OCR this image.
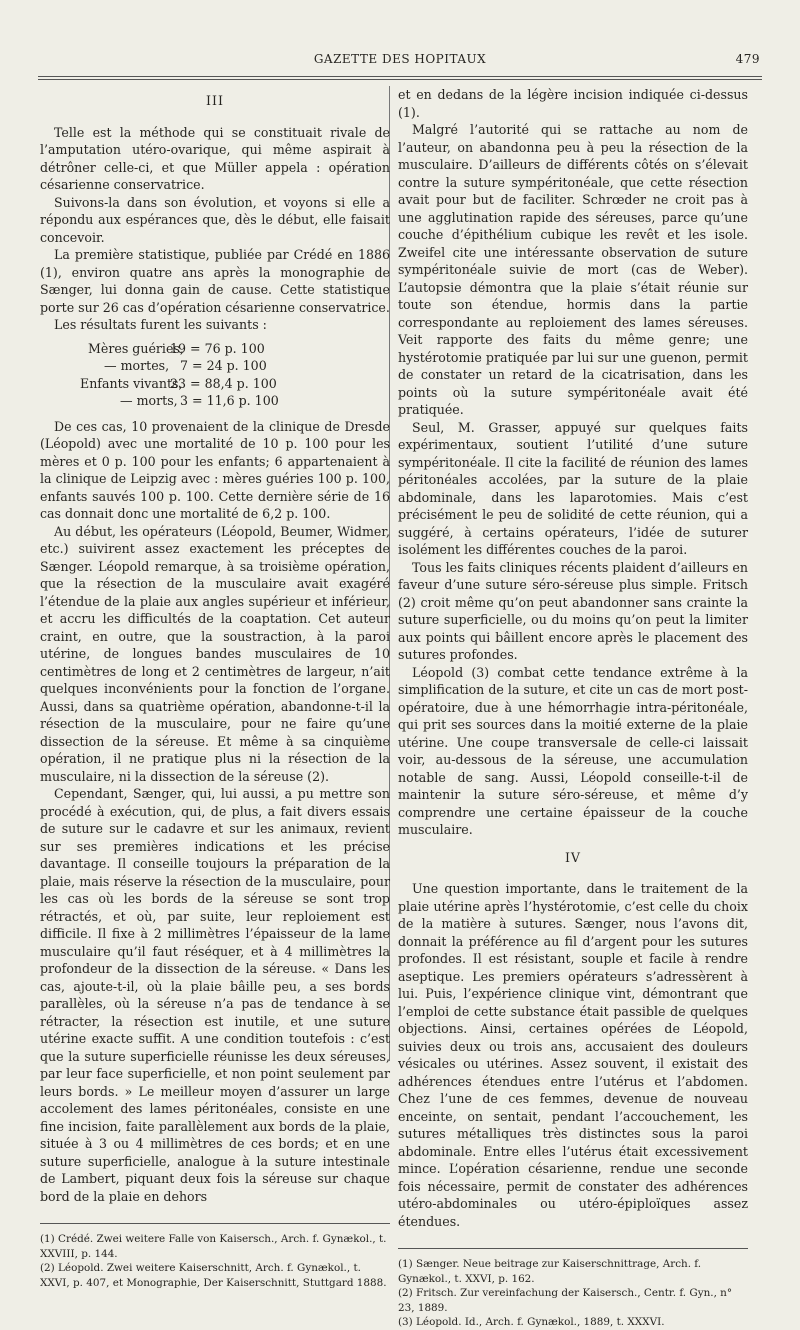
GAZETTE DES HOPITAUX	479

III

Telle est la méthode qui se constituait rivale de l’amputation utéro-ovarique, qui même aspirait à détrôner celle-ci, et que Müller appela : opération césarienne conservatrice.

Suivons-la dans son évolution, et voyons si elle a répondu aux espérances que, dès le début, elle faisait concevoir.

La première statistique, publiée par Crédé en 1886 (1), environ quatre ans après la monographie de Sænger, lui donna gain de cause. Cette statistique porte sur 26 cas d’opération césarienne conservatrice.

Les résultats furent les suivants :

Mères guéries,
19 = 76 p. 100
— mortes, 7 = 24 p. 100
Enfants vivants,
23 = 88,4 p. 100
— morts, 3 = 11,6 p. 100

De ces cas, 10 provenaient de la clinique de Dresde (Léopold) avec une mortalité de 10 p. 100 pour les mères et 0 p. 100 pour les enfants; 6 appartenaient à la clinique de Leipzig avec : mères guéries 100 p. 100, enfants sauvés 100 p. 100. Cette dernière série de 16 cas donnait donc une mortalité de 6,2 p. 100.

Au début, les opérateurs (Léopold, Beumer, Widmer, etc.) suivirent assez exactement les préceptes de Sænger. Léopold remarque, à sa troisième opération, que la résection de la musculaire avait exagéré l’étendue de la plaie aux angles supérieur et inférieur, et accru les difficultés de la coaptation. Cet auteur craint, en outre, que la soustraction, à la paroi utérine, de longues bandes musculaires de 10 centimètres de long et 2 centimètres de largeur, n’ait quelques inconvénients pour la fonction de l’organe. Aussi, dans sa quatrième opération, abandonne-t-il la résection de la musculaire, pour ne faire qu’une dissection de la séreuse. Et même à sa cinquième opération, il ne pratique plus ni la résection de la musculaire, ni la dissection de la séreuse (2).

Cependant, Sænger, qui, lui aussi, a pu mettre son procédé à exécution, qui, de plus, a fait divers essais de suture sur le cadavre et sur les animaux, revient sur ses premières indications et les précise davantage. Il conseille toujours la préparation de la plaie, mais réserve la résection de la musculaire, pour les cas où les bords de la séreuse se sont trop rétractés, et où, par suite, leur reploiement est difficile. Il fixe à 2 millimètres l’épaisseur de la lame musculaire qu’il faut réséquer, et à 4 millimètres la profondeur de la dissection de la séreuse. « Dans les cas, ajoute-t-il, où la plaie bâille peu, a ses bords parallèles, où la séreuse n’a pas de tendance à se rétracter, la résection est inutile, et une suture utérine exacte suffit. A une condition toutefois : c’est que la suture superficielle réunisse les deux séreuses, par leur face superficielle, et non point seulement par leurs bords. » Le meilleur moyen d’assurer un large accolement des lames péritonéales, consiste en une fine incision, faite parallèlement aux bords de la plaie, située à 3 ou 4 millimètres de ces bords; et en une suture superficielle, analogue à la suture intestinale de Lambert, piquant deux fois la séreuse sur chaque bord de la plaie en dehors

(1) Crédé. Zwei weitere Falle von Kaisersch., Arch. f. Gynækol., t. XXVIII, p. 144.
(2) Léopold. Zwei weitere Kaiserschnitt, Arch. f. Gynækol., t. XXVI, p. 407, et Monographie, Der Kaiserschnitt, Stuttgard 1888.

et en dedans de la légère incision indiquée ci-dessus (1).

Malgré l’autorité qui se rattache au nom de l’auteur, on abandonna peu à peu la résection de la musculaire. D’ailleurs de différents côtés on s’élevait contre la suture sympéritonéale, que cette résection avait pour but de faciliter. Schrœder ne croit pas à une agglutination rapide des séreuses, parce qu’une couche d’épithélium cubique les revêt et les isole. Zweifel cite une intéressante observation de suture sympéritonéale suivie de mort (cas de Weber). L’autopsie démontra que la plaie s’était réunie sur toute son étendue, hormis dans la partie correspondante au reploiement des lames séreuses. Veit rapporte des faits du même genre; une hystérotomie pratiquée par lui sur une guenon, permit de constater un retard de la cicatrisation, dans les points où la suture sympéritonéale avait été pratiquée.

Seul, M. Grasser, appuyé sur quelques faits expérimentaux, soutient l’utilité d’une suture sympéritonéale. Il cite la facilité de réunion des lames péritonéales accolées, par la suture de la plaie abdominale, dans les laparotomies. Mais c’est précisément le peu de solidité de cette réunion, qui a suggéré, à certains opérateurs, l’idée de suturer isolément les différentes couches de la paroi.

Tous les faits cliniques récents plaident d’ailleurs en faveur d’une suture séro-séreuse plus simple. Fritsch (2) croit même qu’on peut abandonner sans crainte la suture superficielle, ou du moins qu’on peut la limiter aux points qui bâillent encore après le placement des sutures profondes.

Léopold (3) combat cette tendance extrême à la simplification de la suture, et cite un cas de mort post-opératoire, due à une hémorrhagie intra-péritonéale, qui prit ses sources dans la moitié externe de la plaie utérine. Une coupe transversale de celle-ci laissait voir, au-dessous de la séreuse, une accumulation notable de sang. Aussi, Léopold conseille-t-il de maintenir la suture séro-séreuse, et même d’y comprendre une certaine épaisseur de la couche musculaire.

IV

Une question importante, dans le traitement de la plaie utérine après l’hystérotomie, c’est celle du choix de la matière à sutures. Sænger, nous l’avons dit, donnait la préférence au fil d’argent pour les sutures profondes. Il est résistant, souple et facile à rendre aseptique. Les premiers opérateurs s’adressèrent à lui. Puis, l’expérience clinique vint, démontrant que l’emploi de cette substance était passible de quelques objections. Ainsi, certaines opérées de Léopold, suivies deux ou trois ans, accusaient des douleurs vésicales ou utérines. Assez souvent, il existait des adhérences étendues entre l’utérus et l’abdomen. Chez l’une de ces femmes, devenue de nouveau enceinte, on sentait, pendant l’accouchement, les sutures métalliques très distinctes sous la paroi abdominale. Entre elles l’utérus était excessivement mince. L’opération césarienne, rendue une seconde fois nécessaire, permit de constater des adhérences utéro-abdominales ou utéro-épiploïques assez étendues.

(1) Sænger. Neue beitrage zur Kaiserschnittrage, Arch. f. Gynækol., t. XXVI, p. 162.
(2) Fritsch. Zur vereinfachung der Kaisersch., Centr. f. Gyn., n° 23, 1889.
(3) Léopold. Id., Arch. f. Gynækol., 1889, t. XXXVI.
